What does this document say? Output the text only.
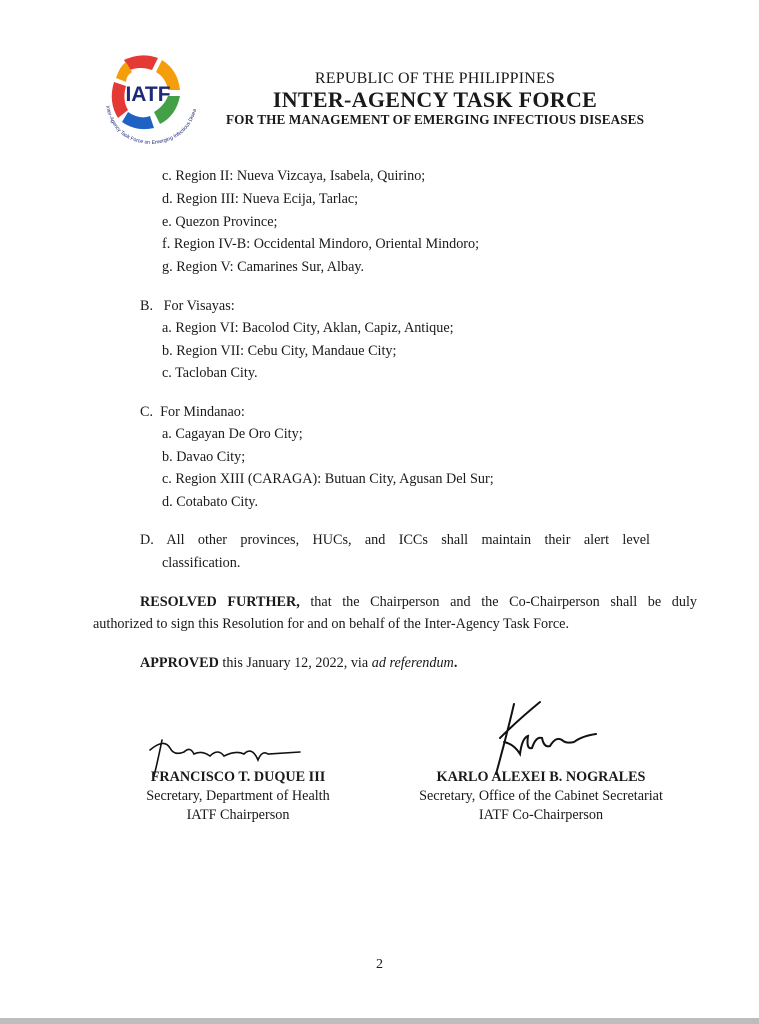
IATF
Inter-Agency Task Force on Emerging Infectious Disea
REPUBLIC OF THE PHILIPPINES
INTER-AGENCY TASK FORCE
FOR THE MANAGEMENT OF EMERGING INFECTIOUS DISEASES
c. Region II: Nueva Vizcaya, Isabela, Quirino;
d. Region III: Nueva Ecija, Tarlac;
e. Quezon Province;
f. Region IV-B: Occidental Mindoro, Oriental Mindoro;
g. Region V: Camarines Sur, Albay.
B.   For Visayas:
a. Region VI: Bacolod City, Aklan, Capiz, Antique;
b. Region VII: Cebu City, Mandaue City;
c. Tacloban City.
C.  For Mindanao:
a. Cagayan De Oro City;
b. Davao City;
c. Region XIII (CARAGA): Butuan City, Agusan Del Sur;
d. Cotabato City.
D. All other provinces, HUCs, and ICCs shall maintain their alert level
classification.
RESOLVED FURTHER, that the Chairperson and the Co-Chairperson shall be duly
authorized to sign this Resolution for and on behalf of the Inter-Agency Task Force.
APPROVED this January 12, 2022, via ad referendum.
FRANCISCO T. DUQUE III
Secretary, Department of Health
IATF Chairperson
KARLO ALEXEI B. NOGRALES
Secretary, Office of the Cabinet Secretariat
IATF Co-Chairperson
2
